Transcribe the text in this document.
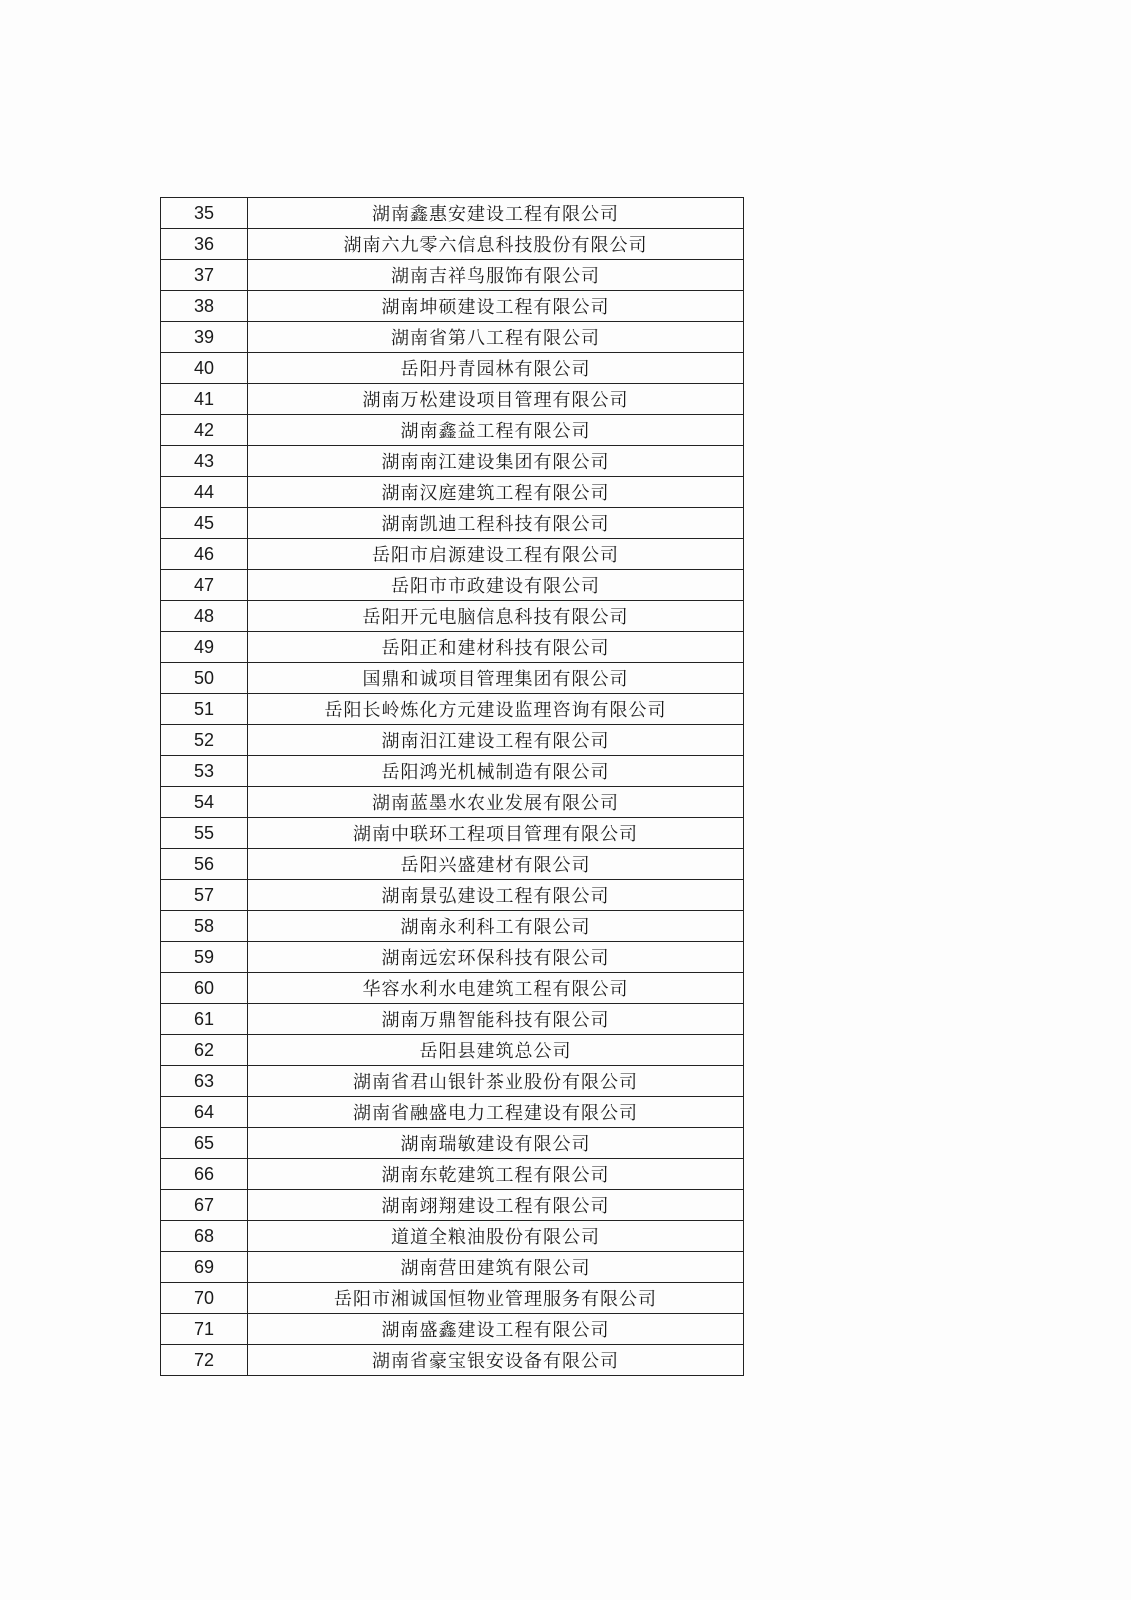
35	湖南鑫惠安建设工程有限公司
36	湖南六九零六信息科技股份有限公司
37	湖南吉祥鸟服饰有限公司
38	湖南坤硕建设工程有限公司
39	湖南省第八工程有限公司
40	岳阳丹青园林有限公司
41	湖南万松建设项目管理有限公司
42	湖南鑫益工程有限公司
43	湖南南江建设集团有限公司
44	湖南汉庭建筑工程有限公司
45	湖南凯迪工程科技有限公司
46	岳阳市启源建设工程有限公司
47	岳阳市市政建设有限公司
48	岳阳开元电脑信息科技有限公司
49	岳阳正和建材科技有限公司
50	国鼎和诚项目管理集团有限公司
51	岳阳长岭炼化方元建设监理咨询有限公司
52	湖南汨江建设工程有限公司
53	岳阳鸿光机械制造有限公司
54	湖南蓝墨水农业发展有限公司
55	湖南中联环工程项目管理有限公司
56	岳阳兴盛建材有限公司
57	湖南景弘建设工程有限公司
58	湖南永利科工有限公司
59	湖南远宏环保科技有限公司
60	华容水利水电建筑工程有限公司
61	湖南万鼎智能科技有限公司
62	岳阳县建筑总公司
63	湖南省君山银针茶业股份有限公司
64	湖南省融盛电力工程建设有限公司
65	湖南瑞敏建设有限公司
66	湖南东乾建筑工程有限公司
67	湖南翊翔建设工程有限公司
68	道道全粮油股份有限公司
69	湖南营田建筑有限公司
70	岳阳市湘诚国恒物业管理服务有限公司
71	湖南盛鑫建设工程有限公司
72	湖南省豪宝银安设备有限公司
